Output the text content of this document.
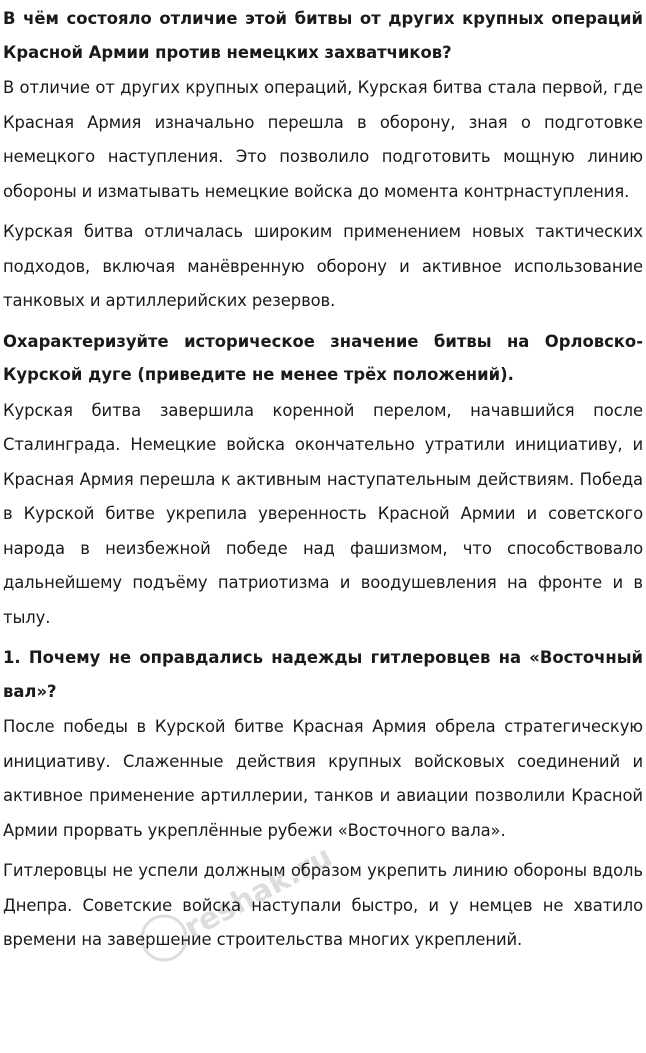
В чём состояло отличие этой битвы от других крупных операций Красной Армии против немецких захватчиков?

В отличие от других крупных операций, Курская битва стала первой, где Красная Армия изначально перешла в оборону, зная о подготовке немецкого наступления. Это позволило подготовить мощную линию обороны и изматывать немецкие войска до момента контрнаступления.

Курская битва отличалась широким применением новых тактических подходов, включая манёвренную оборону и активное использование танковых и артиллерийских резервов.

Охарактеризуйте историческое значение битвы на Орловско-Курской дуге (приведите не менее трёх положений).

Курская битва завершила коренной перелом, начавшийся после Сталинграда. Немецкие войска окончательно утратили инициативу, и Красная Армия перешла к активным наступательным действиям. Победа в Курской битве укрепила уверенность Красной Армии и советского народа в неизбежной победе над фашизмом, что способствовало дальнейшему подъёму патриотизма и воодушевления на фронте и в тылу.

1. Почему не оправдались надежды гитлеровцев на «Восточный вал»?

После победы в Курской битве Красная Армия обрела стратегическую инициативу. Слаженные действия крупных войсковых соединений и активное применение артиллерии, танков и авиации позволили Красной Армии прорвать укреплённые рубежи «Восточного вала».

Гитлеровцы не успели должным образом укрепить линию обороны вдоль Днепра. Советские войска наступали быстро, и у немцев не хватило времени на завершение строительства многих укреплений.

reshak.ru
